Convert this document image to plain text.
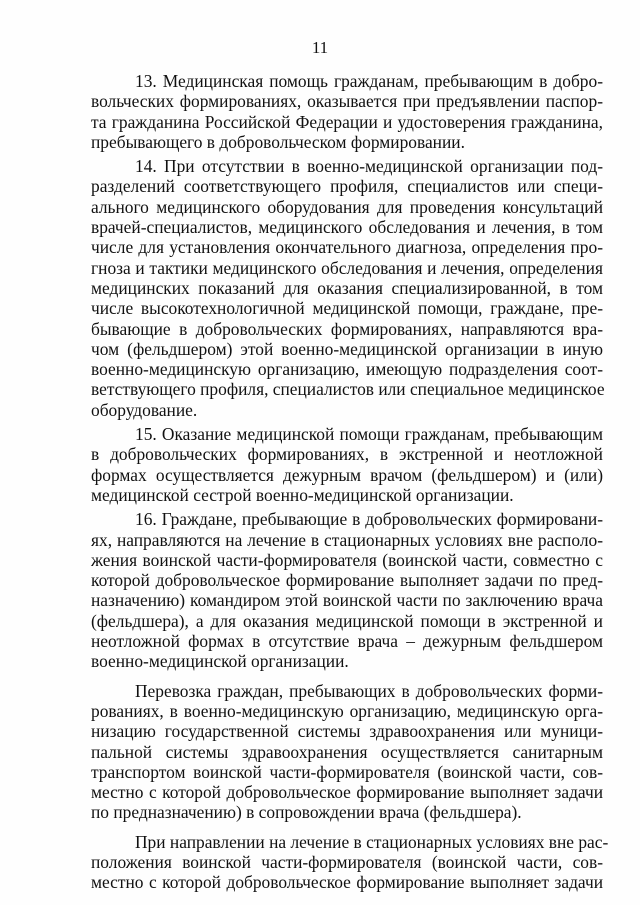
11

13. Медицинская помощь гражданам, пребывающим в добро-
вольческих формированиях, оказывается при предъявлении паспор-
та гражданина Российской Федерации и удостоверения гражданина,
пребывающего в добровольческом формировании.

14. При отсутствии в военно-медицинской организации под-
разделений соответствующего профиля, специалистов или специ-
ального медицинского оборудования для проведения консультаций
врачей-специалистов, медицинского обследования и лечения, в том
числе для установления окончательного диагноза, определения про-
гноза и тактики медицинского обследования и лечения, определения
медицинских показаний для оказания специализированной, в том
числе высокотехнологичной медицинской помощи, граждане, пре-
бывающие в добровольческих формированиях, направляются вра-
чом (фельдшером) этой военно-медицинской организации в иную
военно-медицинскую организацию, имеющую подразделения соот-
ветствующего профиля, специалистов или специальное медицинское
оборудование.

15. Оказание медицинской помощи гражданам, пребывающим
в добровольческих формированиях, в экстренной и неотложной
формах осуществляется дежурным врачом (фельдшером) и (или)
медицинской сестрой военно-медицинской организации.

16. Граждане, пребывающие в добровольческих формировани-
ях, направляются на лечение в стационарных условиях вне располо-
жения воинской части-формирователя (воинской части, совместно с
которой добровольческое формирование выполняет задачи по пред-
назначению) командиром этой воинской части по заключению врача
(фельдшера), а для оказания медицинской помощи в экстренной и
неотложной формах в отсутствие врача – дежурным фельдшером
военно-медицинской организации.

Перевозка граждан, пребывающих в добровольческих форми-
рованиях, в военно-медицинскую организацию, медицинскую орга-
низацию государственной системы здравоохранения или муници-
пальной системы здравоохранения осуществляется санитарным
транспортом воинской части-формирователя (воинской части, сов-
местно с которой добровольческое формирование выполняет задачи
по предназначению) в сопровождении врача (фельдшера).

При направлении на лечение в стационарных условиях вне рас-
положения воинской части-формирователя (воинской части, сов-
местно с которой добровольческое формирование выполняет задачи
